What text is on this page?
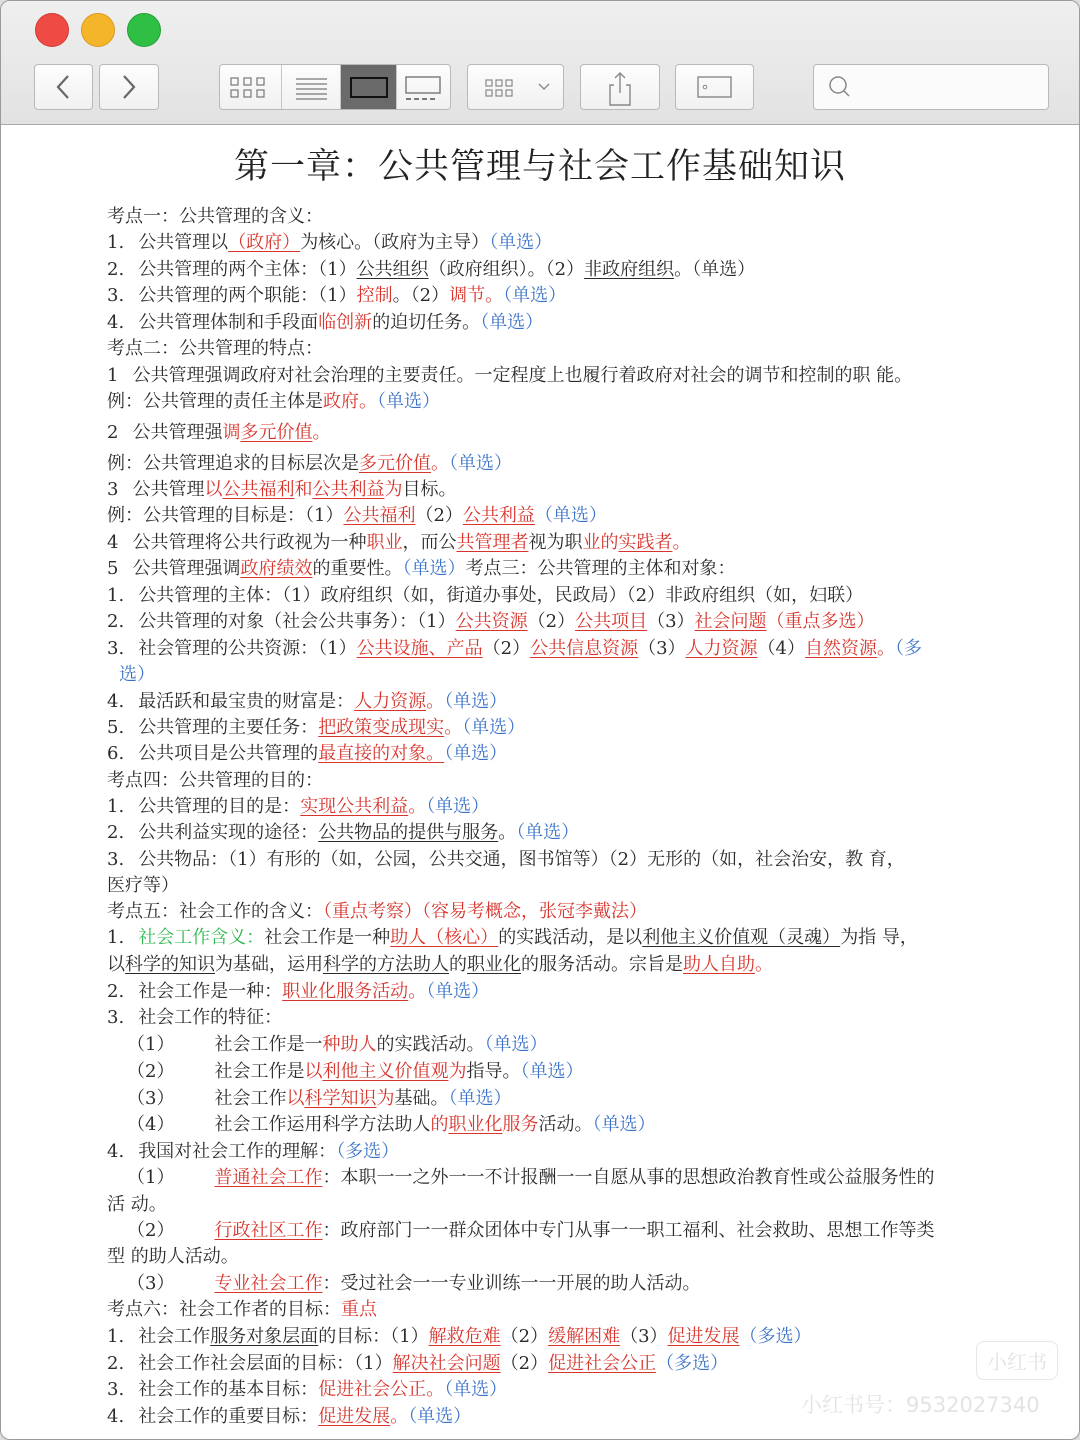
第一章：公共管理与社会工作基础知识
考点一：公共管理的含义：
1. 公共管理以（政府）为核心。（政府为主导）（单选）
2. 公共管理的两个主体：（1）公共组织（政府组织）。（2）非政府组织。（单选）
3. 公共管理的两个职能：（1）控制。（2）调节。（单选）
4. 公共管理体制和手段面临创新的迫切任务。（单选）
考点二：公共管理的特点：
1 公共管理强调政府对社会治理的主要责任。一定程度上也履行着政府对社会的调节和控制的职 能。
例：公共管理的责任主体是政府。（单选）
2 公共管理强调多元价值。
例：公共管理追求的目标层次是多元价值。（单选）
3 公共管理以公共福利和公共利益为目标。
例：公共管理的目标是：（1）公共福利（2）公共利益（单选）
4 公共管理将公共行政视为一种职业，而公共管理者视为职业的实践者。
5 公共管理强调政府绩效的重要性。（单选）考点三：公共管理的主体和对象：
1. 公共管理的主体：（1）政府组织（如，街道办事处，民政局）（2）非政府组织（如，妇联）
2. 公共管理的对象（社会公共事务）：（1）公共资源（2）公共项目（3）社会问题（重点多选）
3. 社会管理的公共资源：（1）公共设施、产品（2）公共信息资源（3）人力资源（4）自然资源。（多
选）
4. 最活跃和最宝贵的财富是：人力资源。（单选）
5. 公共管理的主要任务：把政策变成现实。（单选）
6. 公共项目是公共管理的最直接的对象。（单选）
考点四：公共管理的目的：
1. 公共管理的目的是：实现公共利益。（单选）
2. 公共利益实现的途径：公共物品的提供与服务。（单选）
3. 公共物品：（1）有形的（如，公园，公共交通，图书馆等）（2）无形的（如，社会治安，教 育，
医疗等）
考点五：社会工作的含义：（重点考察）（容易考概念，张冠李戴法）
1. 社会工作含义：社会工作是一种助人（核心）的实践活动，是以利他主义价值观（灵魂）为指 导，
以科学的知识为基础，运用科学的方法助人的职业化的服务活动。宗旨是助人自助。
2. 社会工作是一种：职业化服务活动。（单选）
3. 社会工作的特征：
（1） 社会工作是一种助人的实践活动。（单选）
（2） 社会工作是以利他主义价值观为指导。（单选）
（3） 社会工作以科学知识为基础。（单选）
（4） 社会工作运用科学方法助人的职业化服务活动。（单选）
4. 我国对社会工作的理解：（多选）
（1） 普通社会工作：本职一一之外一一不计报酬一一自愿从事的思想政治教育性或公益服务性的
活 动。
（2） 行政社区工作：政府部门一一群众团体中专门从事一一职工福利、社会救助、思想工作等类
型 的助人活动。
（3） 专业社会工作：受过社会一一专业训练一一开展的助人活动。
考点六：社会工作者的目标：重点
1. 社会工作服务对象层面的目标：（1）解救危难（2）缓解困难（3）促进发展（多选）
2. 社会工作社会层面的目标：（1）解决社会问题（2）促进社会公正（多选）
3. 社会工作的基本目标：促进社会公正。（单选）
4. 社会工作的重要目标：促进发展。（单选）
小红书
小红书号：9532027340
